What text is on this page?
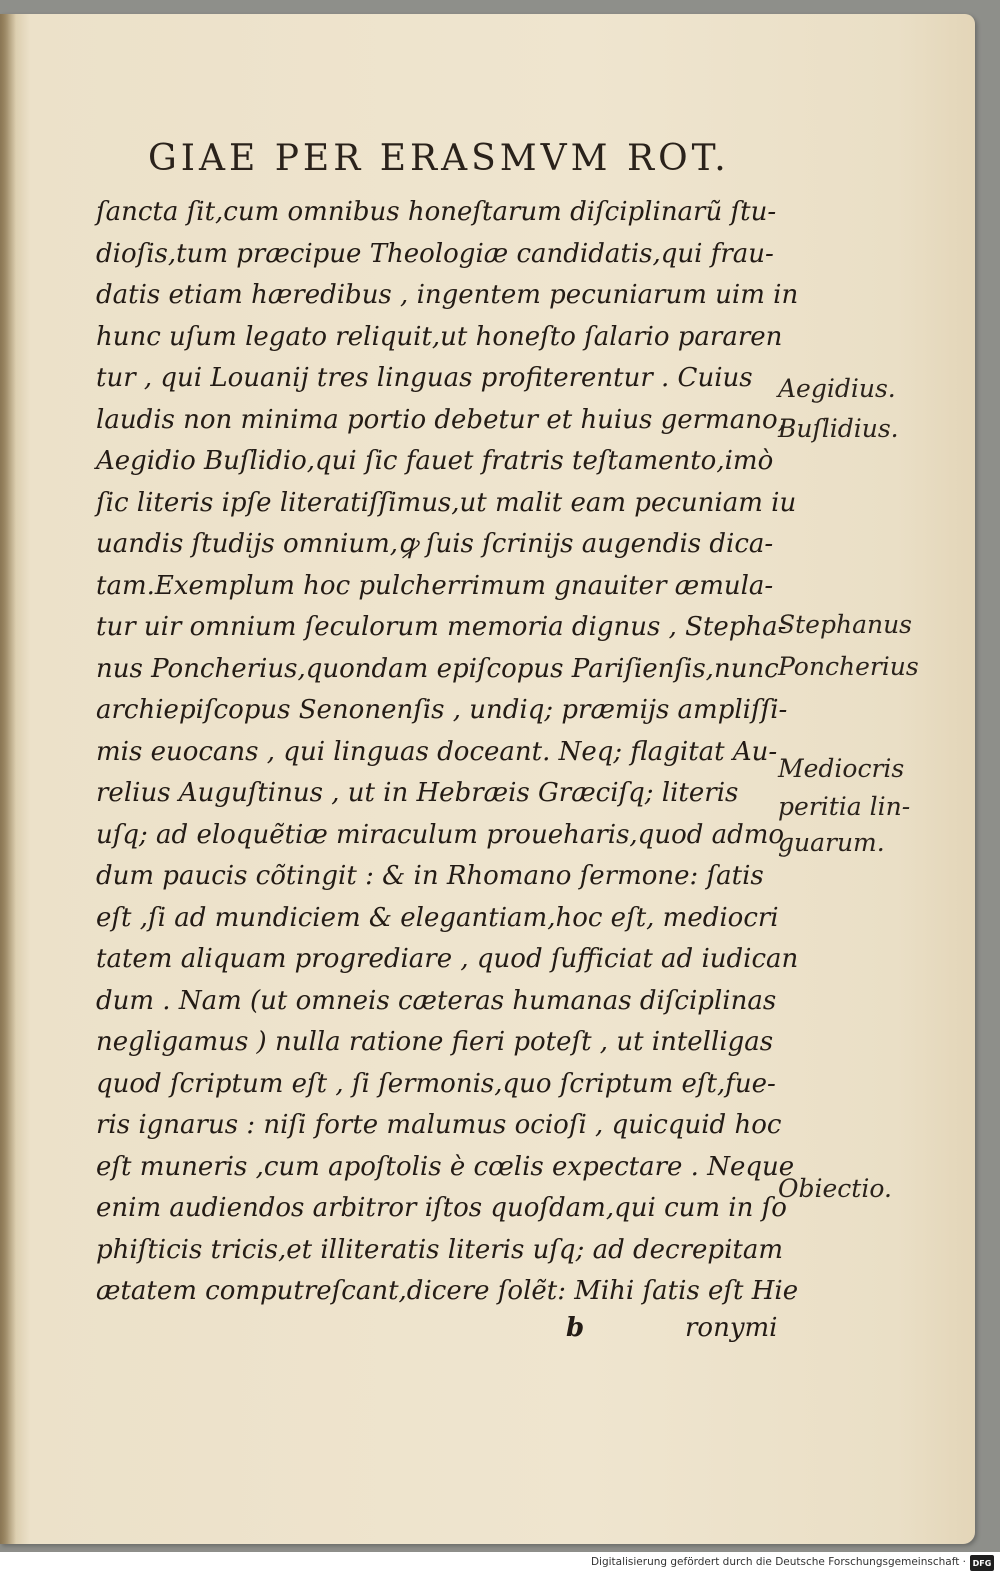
GIAE PER ERASMVM ROT.
ſancta ſit,cum omnibus honeſtarum diſciplinarũ ſtu‑
dioſis,tum præcipue Theologiæ candidatis,qui frau‑
datis etiam hæredibus , ingentem pecuniarum uim in
hunc uſum legato reliquit,ut honeſto ſalario pararen
tur , qui Louanij tres linguas profiterentur . Cuius
laudis non minima portio debetur et huius germano,
Aegidio Buſlidio,qui ſic fauet fratris teſtamento,imò
ſic literis ipſe literatiſſimus,ut malit eam pecuniam iu
uandis ſtudijs omnium,ꝙ ſuis ſcrinijs augendis dica‑
tam.Exemplum hoc pulcherrimum gnauiter æmula‑
tur uir omnium ſeculorum memoria dignus , Stepha‑
nus Poncherius,quondam epiſcopus Pariſienſis,nunc
archiepiſcopus Senonenſis , undiq; præmijs ampliſſi‑
mis euocans , qui linguas doceant. Neq; flagitat Au‑
relius Auguſtinus , ut in Hebræis Græciſq; literis
uſq; ad eloquẽtiæ miraculum proueharis,quod admo
dum paucis cõtingit : & in Rhomano ſermone: ſatis
eſt ,ſi ad mundiciem & elegantiam,hoc eſt, mediocri
tatem aliquam progrediare , quod ſufficiat ad iudican
dum . Nam (ut omneis cæteras humanas diſciplinas
negligamus ) nulla ratione fieri poteſt , ut intelligas
quod ſcriptum eſt , ſi ſermonis,quo ſcriptum eſt,fue‑
ris ignarus : niſi forte malumus ocioſi , quicquid hoc
eſt muneris ,cum apoſtolis è cœlis expectare . Neque
enim audiendos arbitror iſtos quoſdam,qui cum in ſo
phiſticis tricis,et illiteratis literis uſq; ad decrepitam
ætatem computreſcant,dicere ſolẽt: Mihi ſatis eſt Hie
Aegidius.
Buſlidius.
Stephanus
Poncherius
Mediocris
peritia lin‑
guarum.
Obiectio.
b	ronymi
Digitalisierung gefördert durch die Deutsche Forschungsgemeinschaft · DFG
